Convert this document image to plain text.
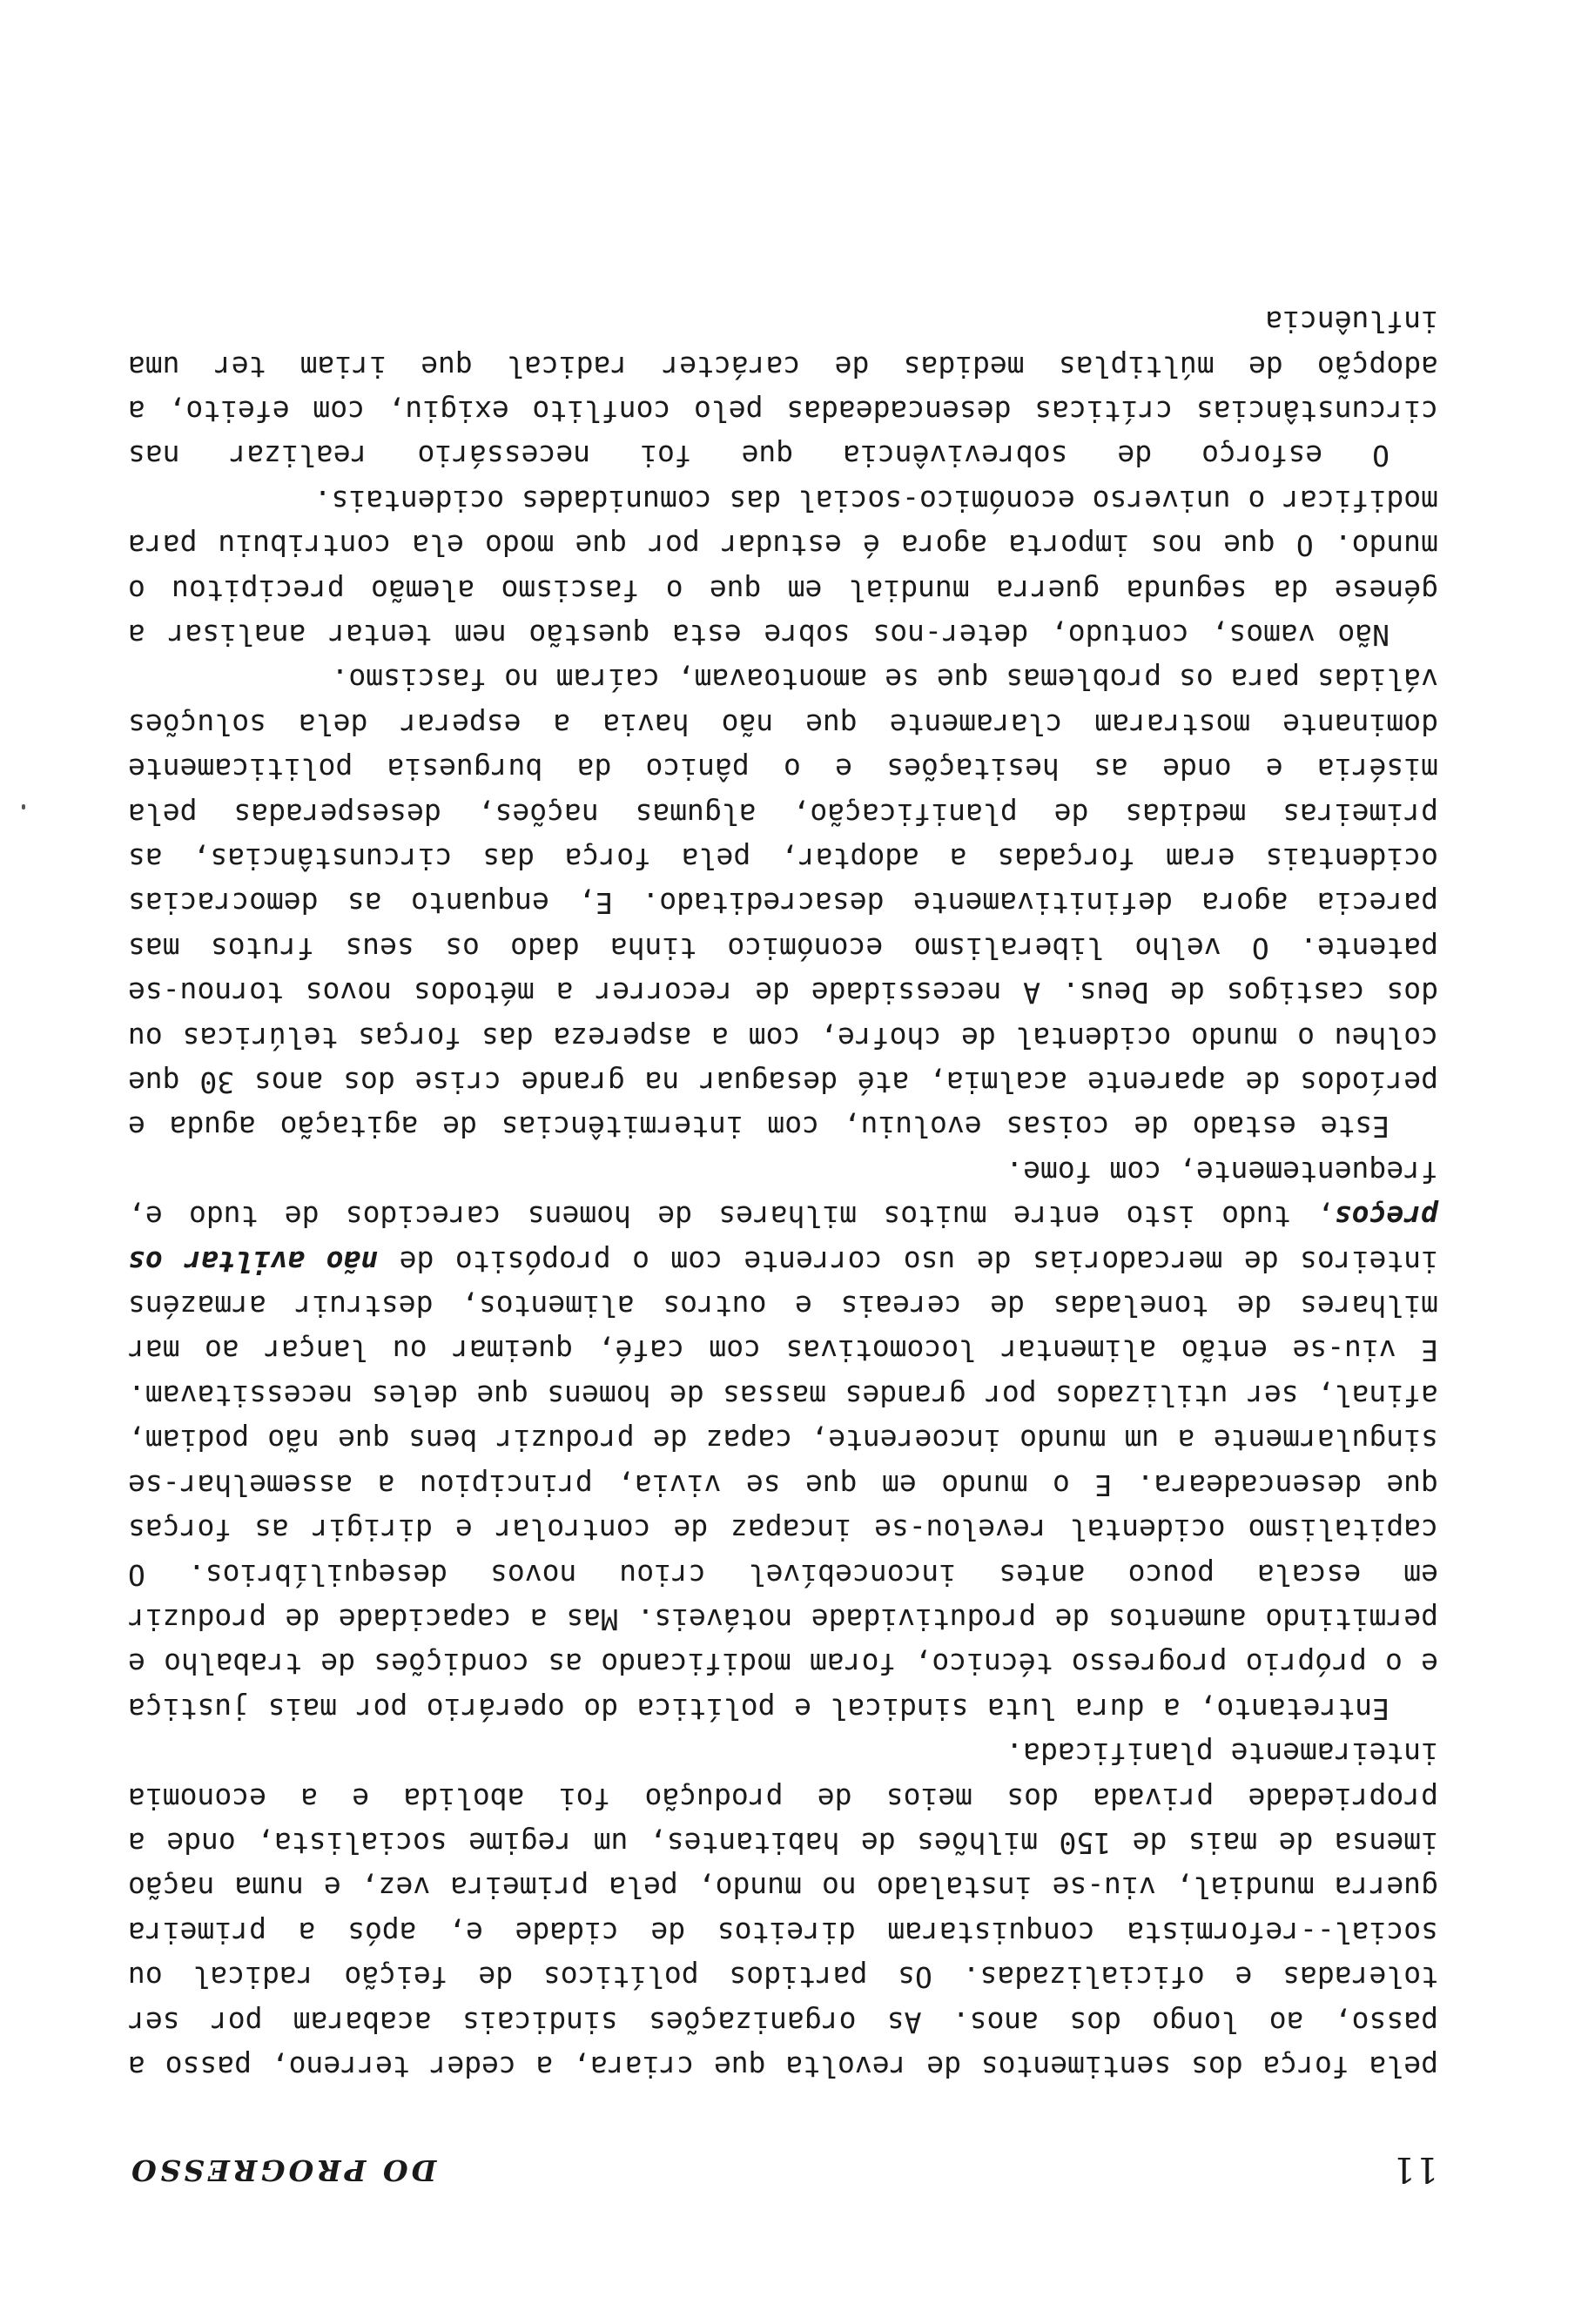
11
DO PROGRESSO

pela força dos sentimentos de revolta que criara, a ceder terreno, passo a passo, ao longo dos anos. As organizações sindicais acabaram por ser toleradas e oficializadas. Os partidos políticos de feição radical ou social--reformista conquistaram direitos de cidade e, após a primeira guerra mundial, viu-se instalado no mundo, pela primeira vez, e numa nação imensa de mais de 150 milhões de habitantes, um regime socialista, onde a propriedade privada dos meios de produção foi abolida e a economia inteiramente planificada.

Entretanto, a dura luta sindical e política do operário por mais justiça e o próprio progresso técnico, foram modificando as condições de trabalho e permitindo aumentos de produtividade notáveis. Mas a capacidade de produzir em escala pouco antes inconcebível criou novos desequilíbrios. O capitalismo ocidental revelou-se incapaz de controlar e dirigir as forças que desencadeara. E o mundo em que se vivia, principiou a assemelhar-se singularmente a um mundo incoerente, capaz de produzir bens que não podiam, afinal, ser utilizados por grandes massas de homens que deles necessitavam. E viu-se então alimentar locomotivas com café, queimar ou lançar ao mar milhares de toneladas de cereais e outros alimentos, destruir armazéns inteiros de mercadorias de uso corrente com o propósito de não aviltar os preços, tudo isto entre muitos milhares de homens carecidos de tudo e, frequentemente, com fome.

Este estado de coisas evoluiu, com intermitências de agitação aguda e períodos de aparente acalmia, até desaguar na grande crise dos anos 30 que colheu o mundo ocidental de chofre, com a aspereza das forças telúricas ou dos castigos de Deus. A necessidade de recorrer a métodos novos tornou-se patente. O velho liberalismo económico tinha dado os seus frutos mas parecia agora definitivamente desacreditado. E, enquanto as democracias ocidentais eram forçadas a adoptar, pela força das circunstâncias, as primeiras medidas de planificação, algumas nações, desesperadas pela miséria e onde as hesitações e o pânico da burguesia politicamente dominante mostraram claramente que não havia a esperar dela soluções válidas para os problemas que se amontoavam, caíram no fascismo.

Não vamos, contudo, deter-nos sobre esta questão nem tentar analisar a génese da segunda guerra mundial em que o fascismo alemão precipitou o mundo. O que nos importa agora é estudar por que modo ela contribuiu para modificar o universo económico-social das comunidades ocidentais.

O esforço de sobrevivência que foi necessário realizar nas circunstâncias críticas desencadeadas pelo conflito exigiu, com efeito, a adopção de múltiplas medidas de carácter radical que iriam ter uma influência
